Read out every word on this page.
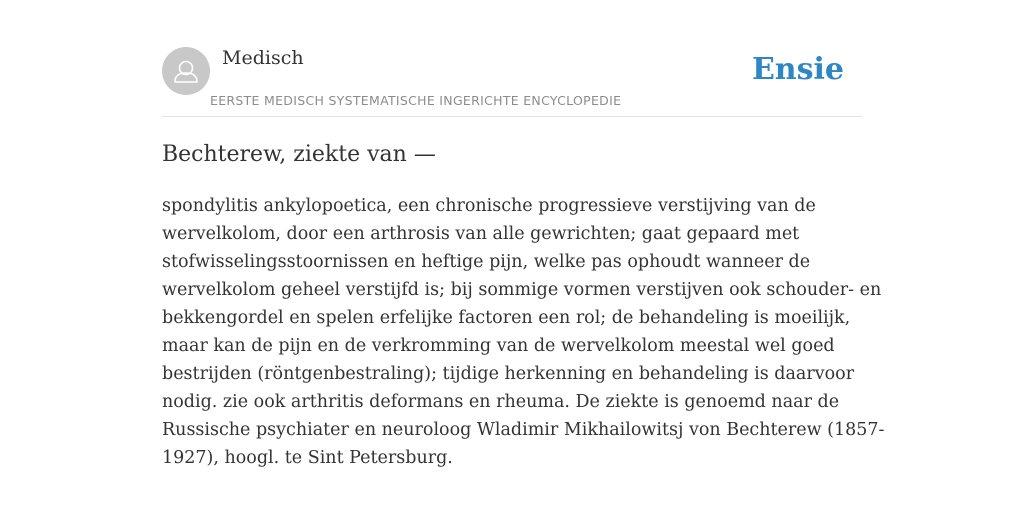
Medisch
EERSTE MEDISCH SYSTEMATISCHE INGERICHTE ENCYCLOPEDIE
Ensie
Bechterew, ziekte van —

spondylitis ankylopoetica, een chronische progressieve verstijving van de
wervelkolom, door een arthrosis van alle gewrichten; gaat gepaard met
stofwisselingsstoornissen en heftige pijn, welke pas ophoudt wanneer de
wervelkolom geheel verstijfd is; bij sommige vormen verstijven ook schouder- en
bekkengordel en spelen erfelijke factoren een rol; de behandeling is moeilijk,
maar kan de pijn en de verkromming van de wervelkolom meestal wel goed
bestrijden (röntgenbestraling); tijdige herkenning en behandeling is daarvoor
nodig. zie ook arthritis deformans en rheuma. De ziekte is genoemd naar de
Russische psychiater en neuroloog Wladimir Mikhailowitsj von Bechterew (1857-
1927), hoogl. te Sint Petersburg.
